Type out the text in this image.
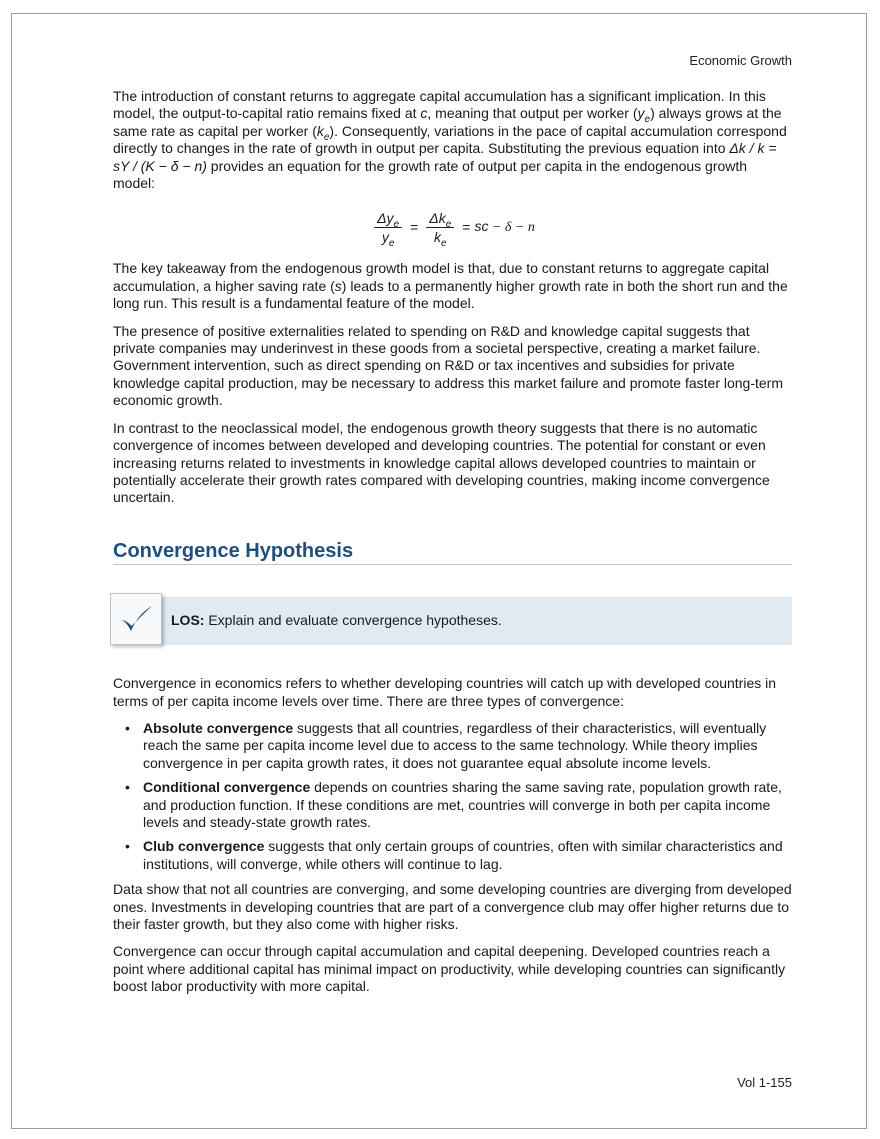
Economic Growth

The introduction of constant returns to aggregate capital accumulation has a significant implication. In this model, the output-to-capital ratio remains fixed at c, meaning that output per worker $(y_e)$ always grows at the same rate as capital per worker $(k_e)$. Consequently, variations in the pace of capital accumulation correspond directly to changes in the rate of growth in output per capita. Substituting the previous equation into Δk / k = sY / (K − δ − n) provides an equation for the growth rate of output per capita in the endogenous growth model:

$\frac{\Delta y_e}{y_e} = \frac{\Delta k_e}{k_e}$ = sc − δ − n

The key takeaway from the endogenous growth model is that, due to constant returns to aggregate capital accumulation, a higher saving rate (s) leads to a permanently higher growth rate in both the short run and the long run. This result is a fundamental feature of the model.

The presence of positive externalities related to spending on R&D and knowledge capital suggests that private companies may underinvest in these goods from a societal perspective, creating a market failure. Government intervention, such as direct spending on R&D or tax incentives and subsidies for private knowledge capital production, may be necessary to address this market failure and promote faster long-term economic growth.

In contrast to the neoclassical model, the endogenous growth theory suggests that there is no automatic convergence of incomes between developed and developing countries. The potential for constant or even increasing returns related to investments in knowledge capital allows developed countries to maintain or potentially accelerate their growth rates compared with developing countries, making income convergence uncertain.

Convergence Hypothesis
LOS: Explain and evaluate convergence hypotheses.

Convergence in economics refers to whether developing countries will catch up with developed countries in terms of per capita income levels over time. There are three types of convergence:

• Absolute convergence suggests that all countries, regardless of their characteristics, will eventually reach the same per capita income level due to access to the same technology. While theory implies convergence in per capita growth rates, it does not guarantee equal absolute income levels.
• Conditional convergence depends on countries sharing the same saving rate, population growth rate, and production function. If these conditions are met, countries will converge in both per capita income levels and steady-state growth rates.
• Club convergence suggests that only certain groups of countries, often with similar characteristics and institutions, will converge, while others will continue to lag.

Data show that not all countries are converging, and some developing countries are diverging from developed ones. Investments in developing countries that are part of a convergence club may offer higher returns due to their faster growth, but they also come with higher risks.

Convergence can occur through capital accumulation and capital deepening. Developed countries reach a point where additional capital has minimal impact on productivity, while developing countries can significantly boost labor productivity with more capital.

Vol 1-155
